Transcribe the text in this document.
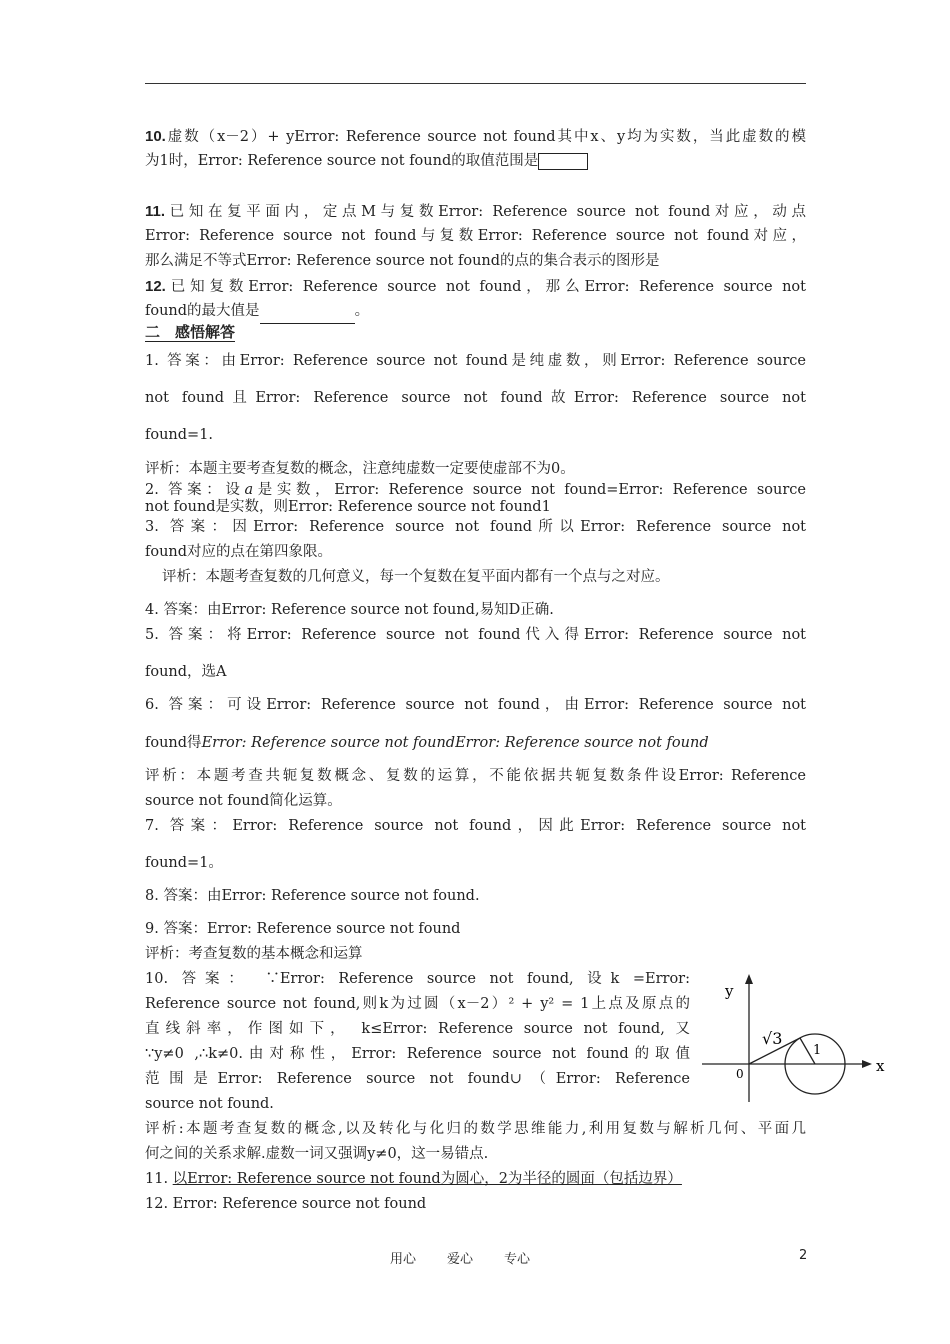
10.虚数（x－2）+ yError: Reference source not found其中x、y均为实数，当此虚数的模
为1时，Error: Reference source not found的取值范围是
11.已知在复平面内，定点M与复数Error: Reference source not found对应，动点
Error: Reference source not found与复数Error: Reference source not found对应，
那么满足不等式Error: Reference source not found的点的集合表示的图形是
12.已知复数Error: Reference source not found，那么Error: Reference source not
found的最大值是	。
二　感悟解答
1. 答案：由Error: Reference source not found是纯虚数，则Error: Reference source
not found且Error: Reference source not found故Error: Reference source not
found=1.
评析：本题主要考查复数的概念，注意纯虚数一定要使虚部不为0。
2. 答案：设a是实数，Error: Reference source not found=Error: Reference source
not found是实数，则Error: Reference source not found1
3. 答案：因Error: Reference source not found所以Error: Reference source not
found对应的点在第四象限。
评析：本题考查复数的几何意义，每一个复数在复平面内都有一个点与之对应。
4. 答案：由Error: Reference source not found,易知D正确.
5. 答案：将Error: Reference source not found代入得Error: Reference source not
found，选A
6. 答案：可设Error: Reference source not found，由Error: Reference source not
found得Error: Reference source not foundError: Reference source not found
评析：本题考查共轭复数概念、复数的运算，不能依据共轭复数条件设Error: Reference
source not found简化运算。
7. 答案：Error: Reference source not found，因此Error: Reference source not
found=1。
8. 答案：由Error: Reference source not found.
9. 答案：Error: Reference source not found
评析：考查复数的基本概念和运算
10. 答案： ∵Error: Reference source not found, 设k =Error:
Reference source not found,则k为过圆（x－2）² + y² = 1上点及原点的
直线斜率，作图如下， k≤Error: Reference source not found, 又
∵y≠0 ,∴k≠0.由对称性，Error: Reference source not found的取值
范围是Error: Reference source not found∪（Error: Reference
source not found.
评析:本题考查复数的概念,以及转化与化归的数学思维能力,利用复数与解析几何、平面几
何之间的关系求解.虚数一词又强调y≠0，这一易错点.
11. 以Error: Reference source not found为圆心，2为半径的圆面（包括边界）
12. Error: Reference source not found
y
x
0
√3
1
用心 爱心 专心	2
